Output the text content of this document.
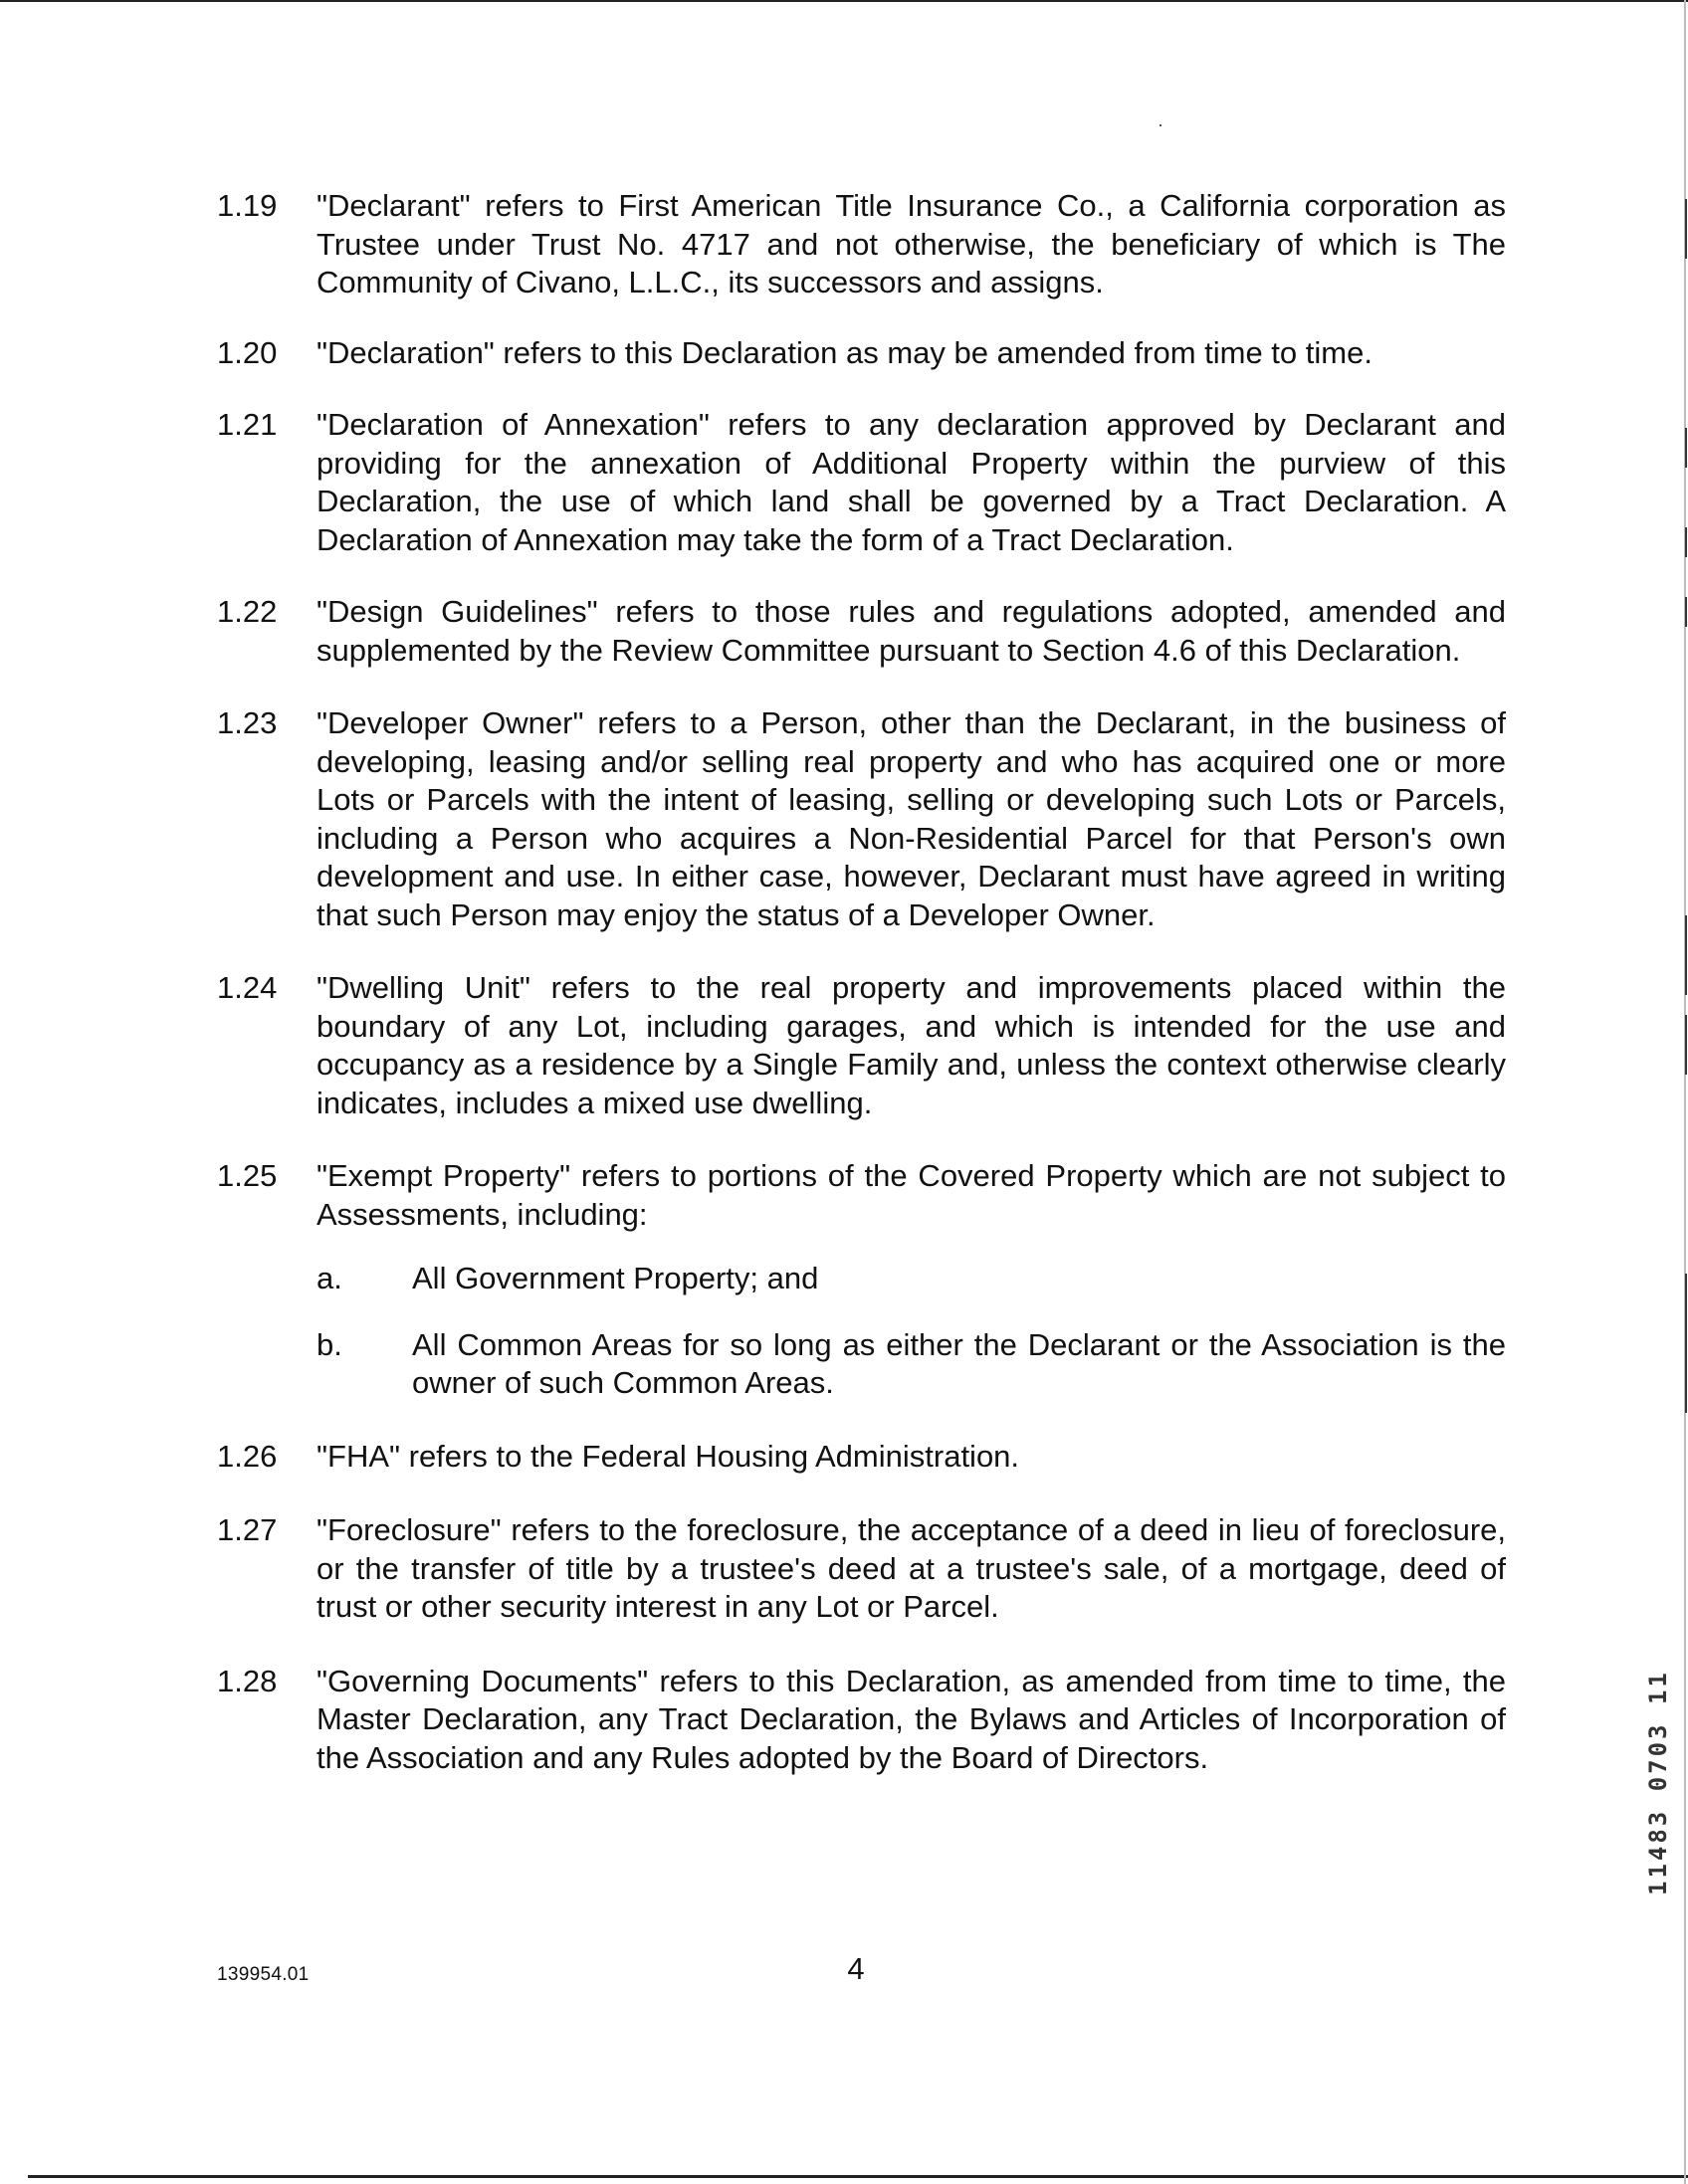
1.19	"Declarant" refers to First American Title Insurance Co., a California corporation as Trustee under Trust No. 4717 and not otherwise, the beneficiary of which is The Community of Civano, L.L.C., its successors and assigns.

1.20	"Declaration" refers to this Declaration as may be amended from time to time.

1.21	"Declaration of Annexation" refers to any declaration approved by Declarant and providing for the annexation of Additional Property within the purview of this Declaration, the use of which land shall be governed by a Tract Declaration. A Declaration of Annexation may take the form of a Tract Declaration.

1.22	"Design Guidelines" refers to those rules and regulations adopted, amended and supplemented by the Review Committee pursuant to Section 4.6 of this Declaration.

1.23	"Developer Owner" refers to a Person, other than the Declarant, in the business of developing, leasing and/or selling real property and who has acquired one or more Lots or Parcels with the intent of leasing, selling or developing such Lots or Parcels, including a Person who acquires a Non-Residential Parcel for that Person's own development and use. In either case, however, Declarant must have agreed in writing that such Person may enjoy the status of a Developer Owner.

1.24	"Dwelling Unit" refers to the real property and improvements placed within the boundary of any Lot, including garages, and which is intended for the use and occupancy as a residence by a Single Family and, unless the context otherwise clearly indicates, includes a mixed use dwelling.

1.25	"Exempt Property" refers to portions of the Covered Property which are not subject to Assessments, including:

a.	All Government Property; and

b.	All Common Areas for so long as either the Declarant or the Association is the owner of such Common Areas.

1.26	"FHA" refers to the Federal Housing Administration.

1.27	"Foreclosure" refers to the foreclosure, the acceptance of a deed in lieu of foreclosure, or the transfer of title by a trustee's deed at a trustee's sale, of a mortgage, deed of trust or other security interest in any Lot or Parcel.

1.28	"Governing Documents" refers to this Declaration, as amended from time to time, the Master Declaration, any Tract Declaration, the Bylaws and Articles of Incorporation of the Association and any Rules adopted by the Board of Directors.

139954.01	4
11483 0703 11
